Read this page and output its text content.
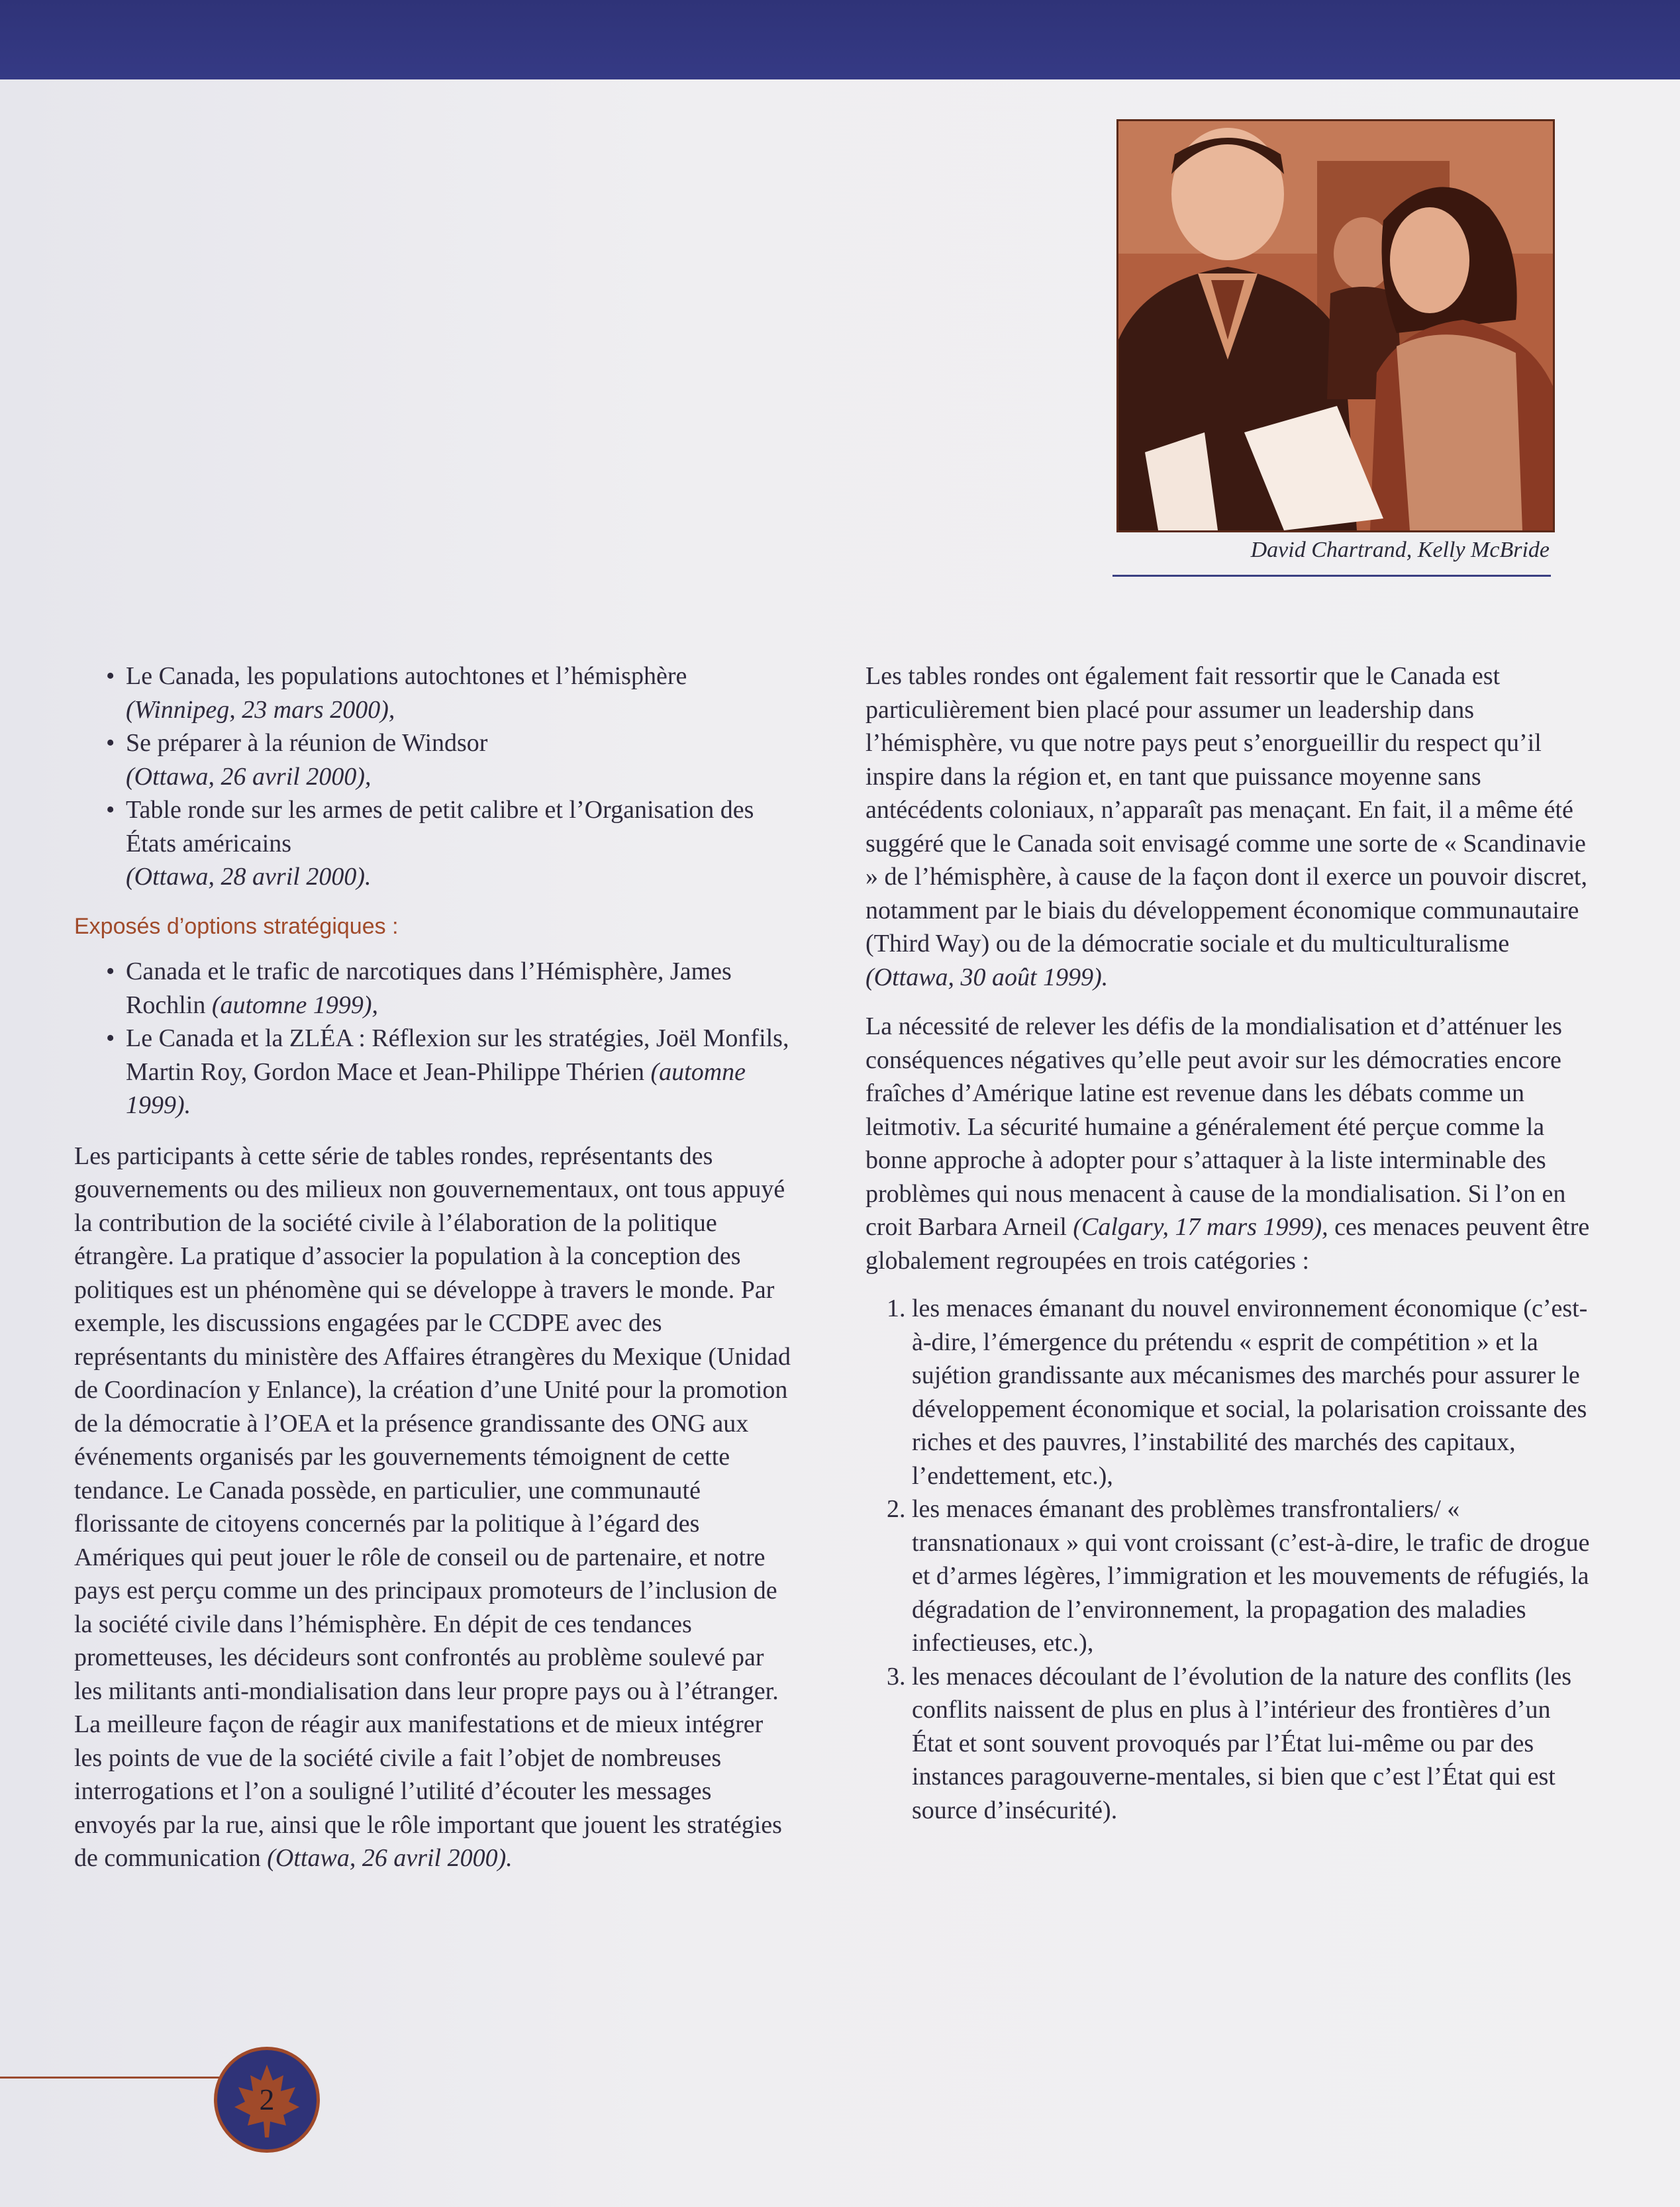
David Chartrand, Kelly McBride
• Le Canada, les populations autochtones et l’hémisphère
(Winnipeg, 23 mars 2000),
• Se préparer à la réunion de Windsor
(Ottawa, 26 avril 2000),
• Table ronde sur les armes de petit calibre et l’Organisation des États américains
(Ottawa, 28 avril 2000).
Exposés d’options stratégiques :
• Canada et le trafic de narcotiques dans l’Hémisphère, James Rochlin (automne 1999),
• Le Canada et la ZLÉA : Réflexion sur les stratégies, Joël Monfils, Martin Roy, Gordon Mace et Jean-Philippe Thérien (automne 1999).

Les participants à cette série de tables rondes, représentants des gouvernements ou des milieux non gouvernementaux, ont tous appuyé la contribution de la société civile à l’élaboration de la politique étrangère. La pratique d’associer la population à la conception des politiques est un phénomène qui se développe à travers le monde. Par exemple, les discussions engagées par le CCDPE avec des représentants du ministère des Affaires étrangères du Mexique (Unidad de Coordinacíon y Enlance), la création d’une Unité pour la promotion de la démocratie à l’OEA et la présence grandissante des ONG aux événements organisés par les gouvernements témoignent de cette tendance. Le Canada possède, en particulier, une communauté florissante de citoyens concernés par la politique à l’égard des Amériques qui peut jouer le rôle de conseil ou de partenaire, et notre pays est perçu comme un des principaux promoteurs de l’inclusion de la société civile dans l’hémisphère. En dépit de ces tendances prometteuses, les décideurs sont confrontés au problème soulevé par les militants anti-mondialisation dans leur propre pays ou à l’étranger. La meilleure façon de réagir aux manifestations et de mieux intégrer les points de vue de la société civile a fait l’objet de nombreuses interrogations et l’on a souligné l’utilité d’écouter les messages envoyés par la rue, ainsi que le rôle important que jouent les stratégies de communication (Ottawa, 26 avril 2000).

Les tables rondes ont également fait ressortir que le Canada est particulièrement bien placé pour assumer un leadership dans l’hémisphère, vu que notre pays peut s’enorgueillir du respect qu’il inspire dans la région et, en tant que puissance moyenne sans antécédents coloniaux, n’apparaît pas menaçant. En fait, il a même été suggéré que le Canada soit envisagé comme une sorte de « Scandinavie » de l’hémisphère, à cause de la façon dont il exerce un pouvoir discret, notamment par le biais du développement économique communautaire (Third Way) ou de la démocratie sociale et du multiculturalisme (Ottawa, 30 août 1999).

La nécessité de relever les défis de la mondialisation et d’atténuer les conséquences négatives qu’elle peut avoir sur les démocraties encore fraîches d’Amérique latine est revenue dans les débats comme un leitmotiv. La sécurité humaine a généralement été perçue comme la bonne approche à adopter pour s’attaquer à la liste interminable des problèmes qui nous menacent à cause de la mondialisation. Si l’on en croit Barbara Arneil (Calgary, 17 mars 1999), ces menaces peuvent être globalement regroupées en trois catégories :

1. les menaces émanant du nouvel environnement économique (c’est-à-dire, l’émergence du prétendu « esprit de compétition » et la sujétion grandissante aux mécanismes des marchés pour assurer le développement économique et social, la polarisation croissante des riches et des pauvres, l’instabilité des marchés des capitaux, l’endettement, etc.),
2. les menaces émanant des problèmes transfrontaliers/ « transnationaux » qui vont croissant (c’est-à-dire, le trafic de drogue et d’armes légères, l’immigration et les mouvements de réfugiés, la dégradation de l’environnement, la propagation des maladies infectieuses, etc.),
3. les menaces découlant de l’évolution de la nature des conflits (les conflits naissent de plus en plus à l’intérieur des frontières d’un État et sont souvent provoqués par l’État lui-même ou par des instances paragouverne-mentales, si bien que c’est l’État qui est source d’insécurité).
2
